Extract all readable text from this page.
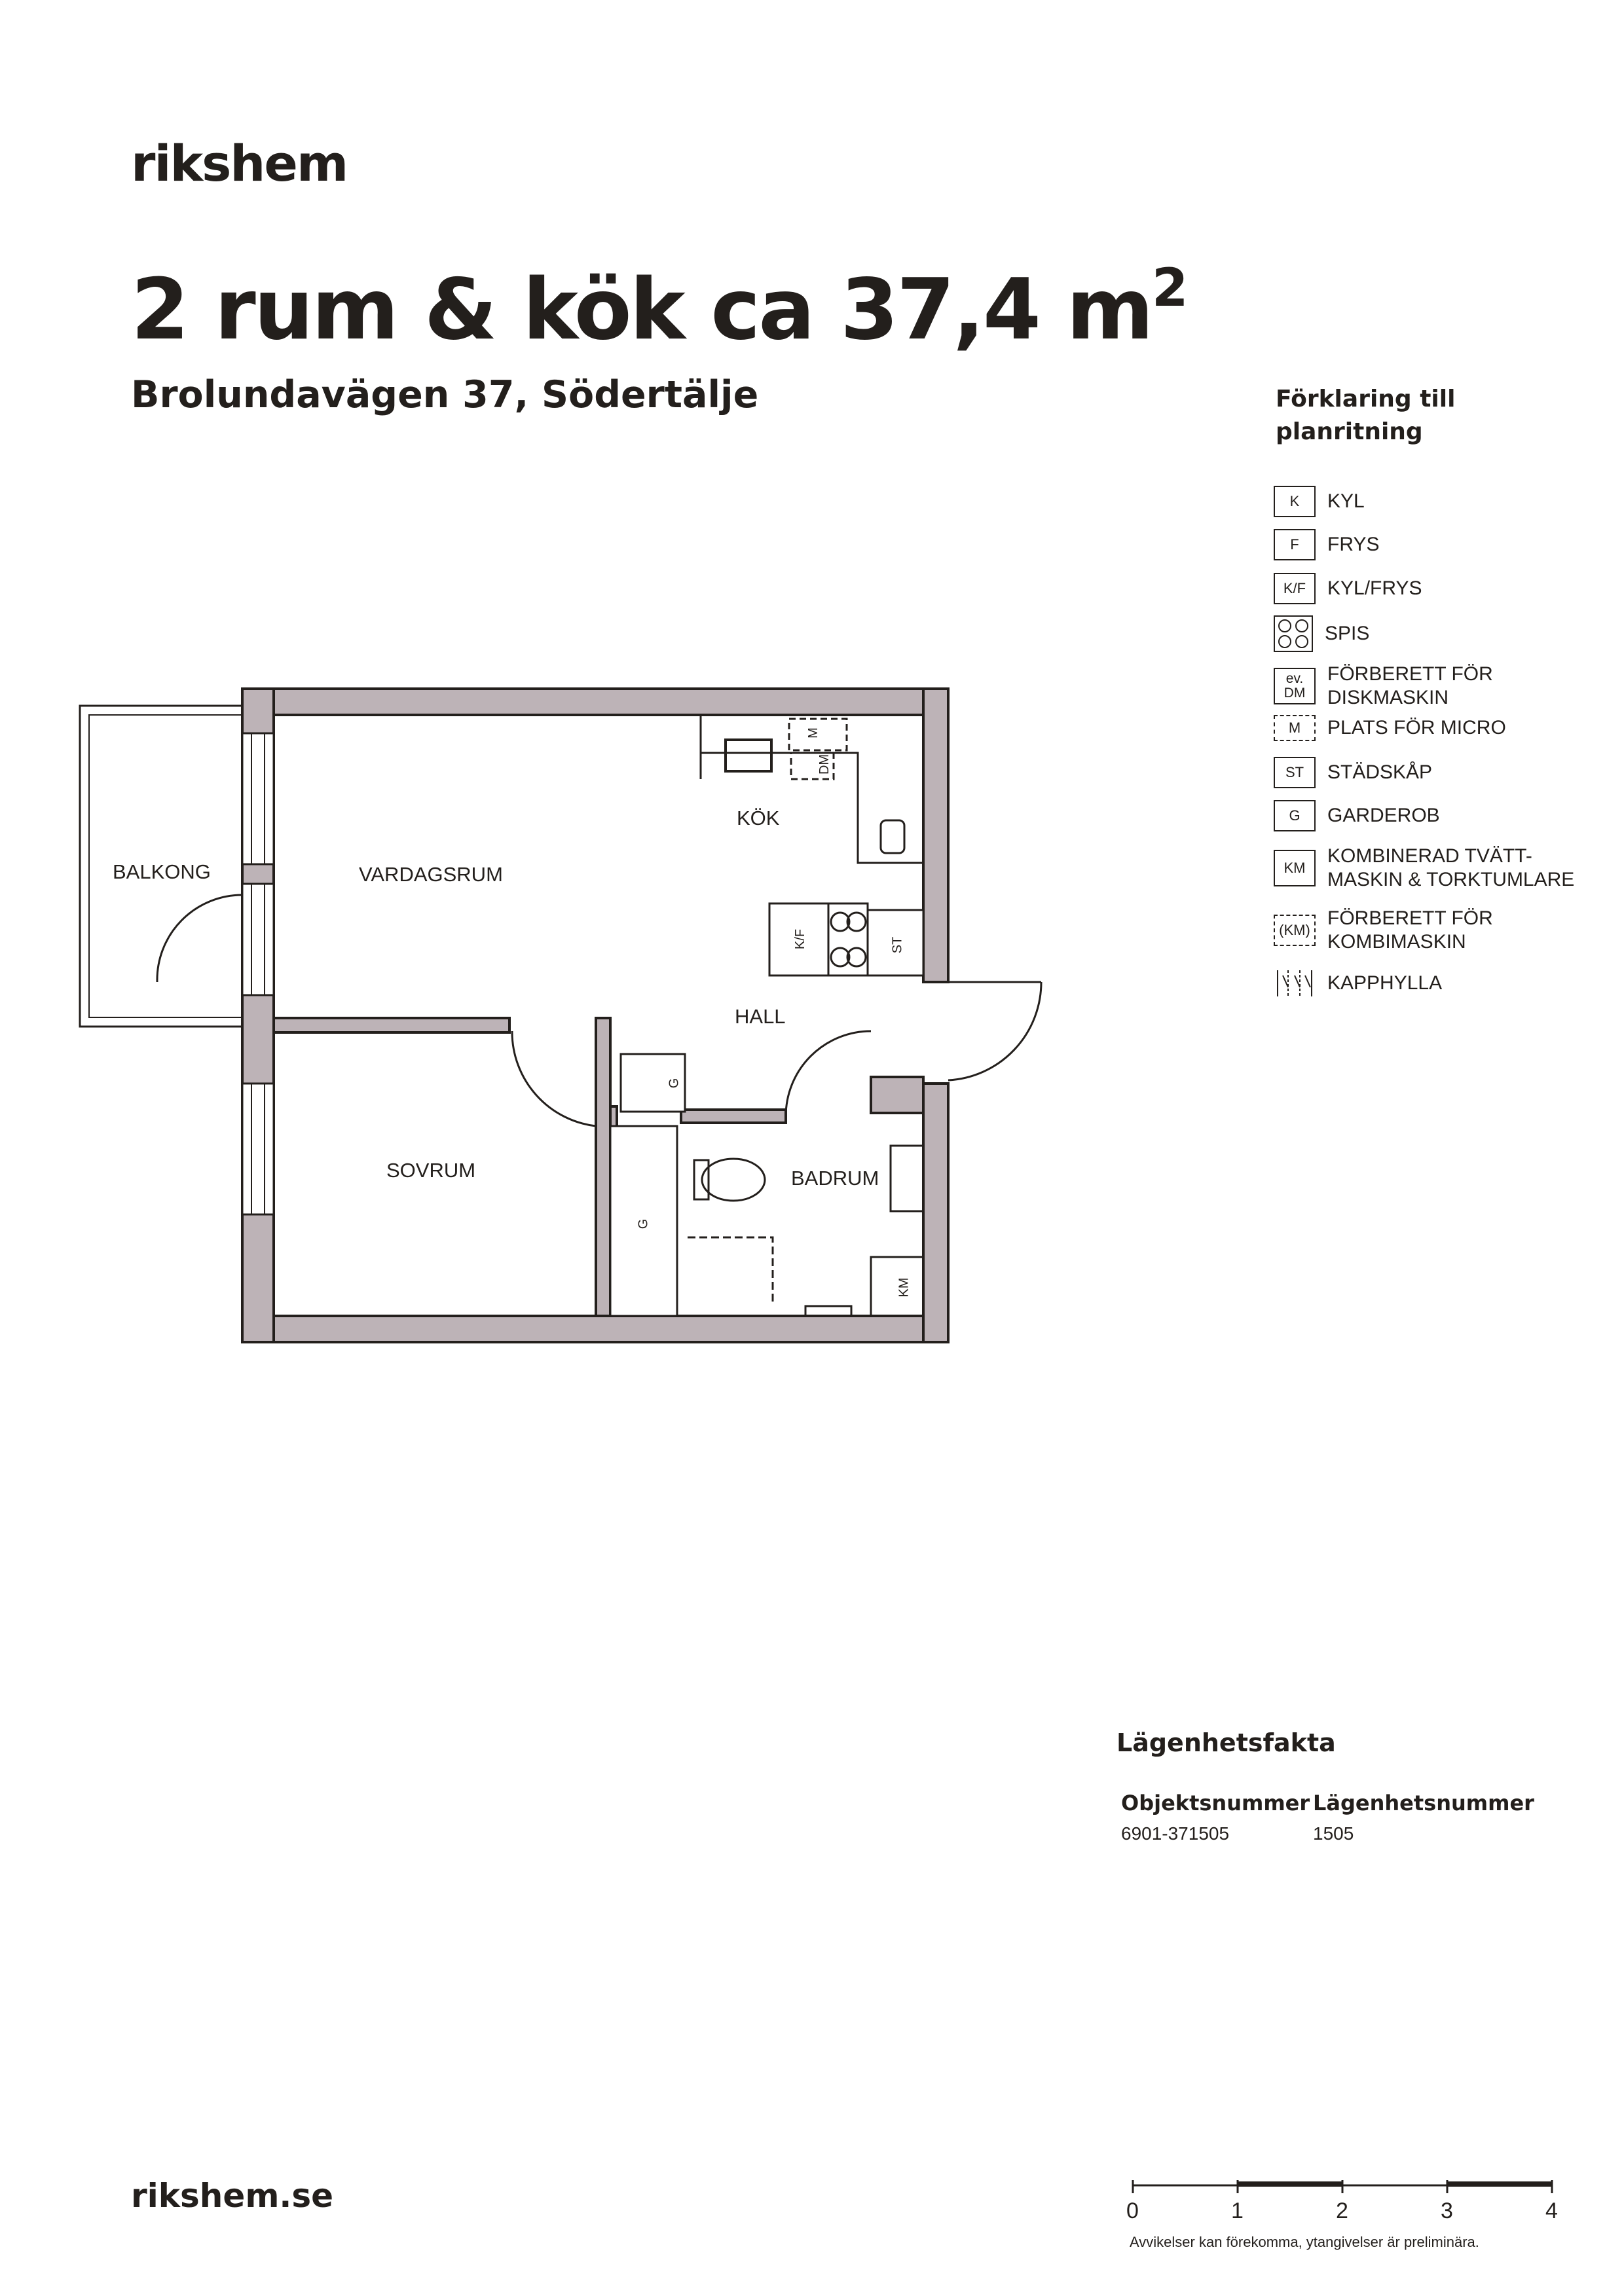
rikshem
2 rum & kök ca 37,4 $m^2$
Brolundavägen 37, Södertälje
BALKONG	VARDAGSRUM
KÖK
HALL
SOVRUM	BADRUM
M
DM
K/F	ST
G
G
KM
Förklaring till planritning
K	KYL
F	FRYS
K/F	KYL/FRYS
SPIS
ev. DM
FÖRBERETT FÖR DISKMASKIN
M	PLATS FÖR MICRO
ST	STÄDSKÅP
G	GARDEROB
KM
KOMBINERAD TVÄTT-MASKIN & TORKTUMLARE
(KM)
FÖRBERETT FÖR KOMBIMASKIN
KAPPHYLLA
Lägenhetsfakta
Objektsnummer Lägenhetsnummer
6901-371505	1505
rikshem.se	0	1	2	3	4
Avvikelser kan förekomma, ytangivelser är preliminära.
